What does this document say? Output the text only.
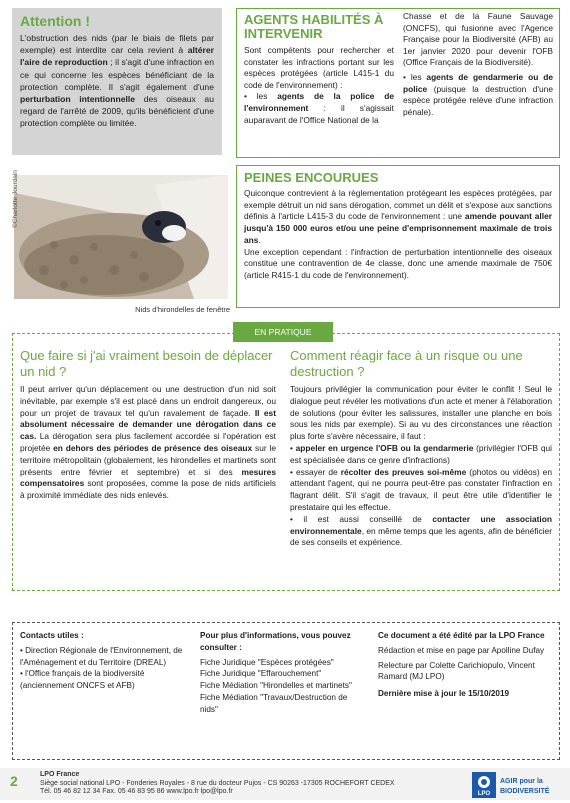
Attention !

L'obstruction des nids (par le biais de filets par exemple) est interdite car cela revient à altérer l'aire de reproduction ; il s'agit d'une infraction en ce qui concerne les espèces bénéficiant de la protection complète. Il s'agit également d'une perturbation intentionnelle des oiseaux au regard de l'arrêté de 2009, qu'ils bénéficient d'une protection complète ou limitée.

AGENTS HABILITÉS À INTERVENIR

Sont compétents pour rechercher et constater les infractions portant sur les espèces protégées (article L415-1 du code de l'environnement) :

• les agents de la police de l'environnement : il s'agissait auparavant de l'Office National de la

Chasse et de la Faune Sauvage (ONCFS), qui fusionne avec l'Agence Française pour la Biodiversité (AFB) au 1er janvier 2020 pour devenir l'OFB (Office Français de la Biodiversité).

• les agents de gendarmerie ou de police (puisque la destruction d'une espèce protégée relève d'une infraction pénale).

©Charlotte Jourdain
Nids d'hirondelles de fenêtre
PEINES ENCOURUES

Quiconque contrevient à la règlementation protégeant les espèces protégées, par exemple détruit un nid sans dérogation, commet un délit et s'expose aux sanctions définis à l'article L415-3 du code de l'environnement : une amende pouvant aller jusqu'à 150 000 euros et/ou une peine d'emprisonnement maximale de trois ans.

Une exception cependant : l'infraction de perturbation intentionnelle des oiseaux constitue une contravention de 4e classe, donc une amende maximale de 750€ (article R415-1 du code de l'environnement).

EN PRATIQUE
Que faire si j'ai vraiment besoin de déplacer un nid ?

Il peut arriver qu'un déplacement ou une destruction d'un nid soit inévitable, par exemple s'il est placé dans un endroit dangereux, ou pour un projet de travaux tel qu'un ravalement de façade. Il est absolument nécessaire de demander une dérogation dans ce cas. La dérogation sera plus facilement accordée si l'opération est projetée en dehors des périodes de présence des oiseaux sur le territoire métropolitain (globalement, les hirondelles et martinets sont présents entre février et septembre) et si des mesures compensatoires sont proposées, comme la pose de nids artificiels à proximité immédiate des nids enlevés.

Comment réagir face à un risque ou une destruction ?

Toujours privilégier la communication pour éviter le conflit ! Seul le dialogue peut révéler les motivations d'un acte et mener à l'élaboration de solutions (pour éviter les salissures, installer une planche en bois sous les nids par exemple). Si au vu des circonstances une réaction plus forte s'avère nécessaire, il faut :

• appeler en urgence l'OFB ou la gendarmerie (privilégier l'OFB qui est spécialisée dans ce genre d'infractions)

• essayer de récolter des preuves soi-même (photos ou vidéos) en attendant l'agent, qui ne pourra peut-être pas constater l'infraction en flagrant délit. S'il s'agit de travaux, il peut être utile d'identifier le prestataire qui les effectue.

• il est aussi conseillé de contacter une association environnementale, en même temps que les agents, afin de bénéficier de ses conseils et expérience.

Contacts utiles :
• Direction Régionale de l'Environnement, de l'Aménagement et du Territoire (DREAL)
• l'Office français de la biodiversité (anciennement ONCFS et AFB)
Pour plus d'informations, vous pouvez consulter :
Fiche Juridique "Espèces protégées"
Fiche Juridique "Effarouchement"
Fiche Médiation "Hirondelles et martinets"
Fiche Médiation "Travaux/Destruction de nids"
Ce document a été édité par la LPO France
Rédaction et mise en page par Apolline Dufay
Relecture par Colette Carichiopulo, Vincent Ramard (MJ LPO)
Dernière mise à jour le 15/10/2019
2	LPO France
Siège social national LPO - Fonderies Royales - 8 rue du docteur Pujos - CS 90263 -17305 ROCHEFORT CEDEX
Tél. 05 46 82 12 34 Fax. 05 46 83 95 86 www.lpo.fr lpo@lpo.fr	LPO
AGIR pour la
BIODIVERSITÉ
